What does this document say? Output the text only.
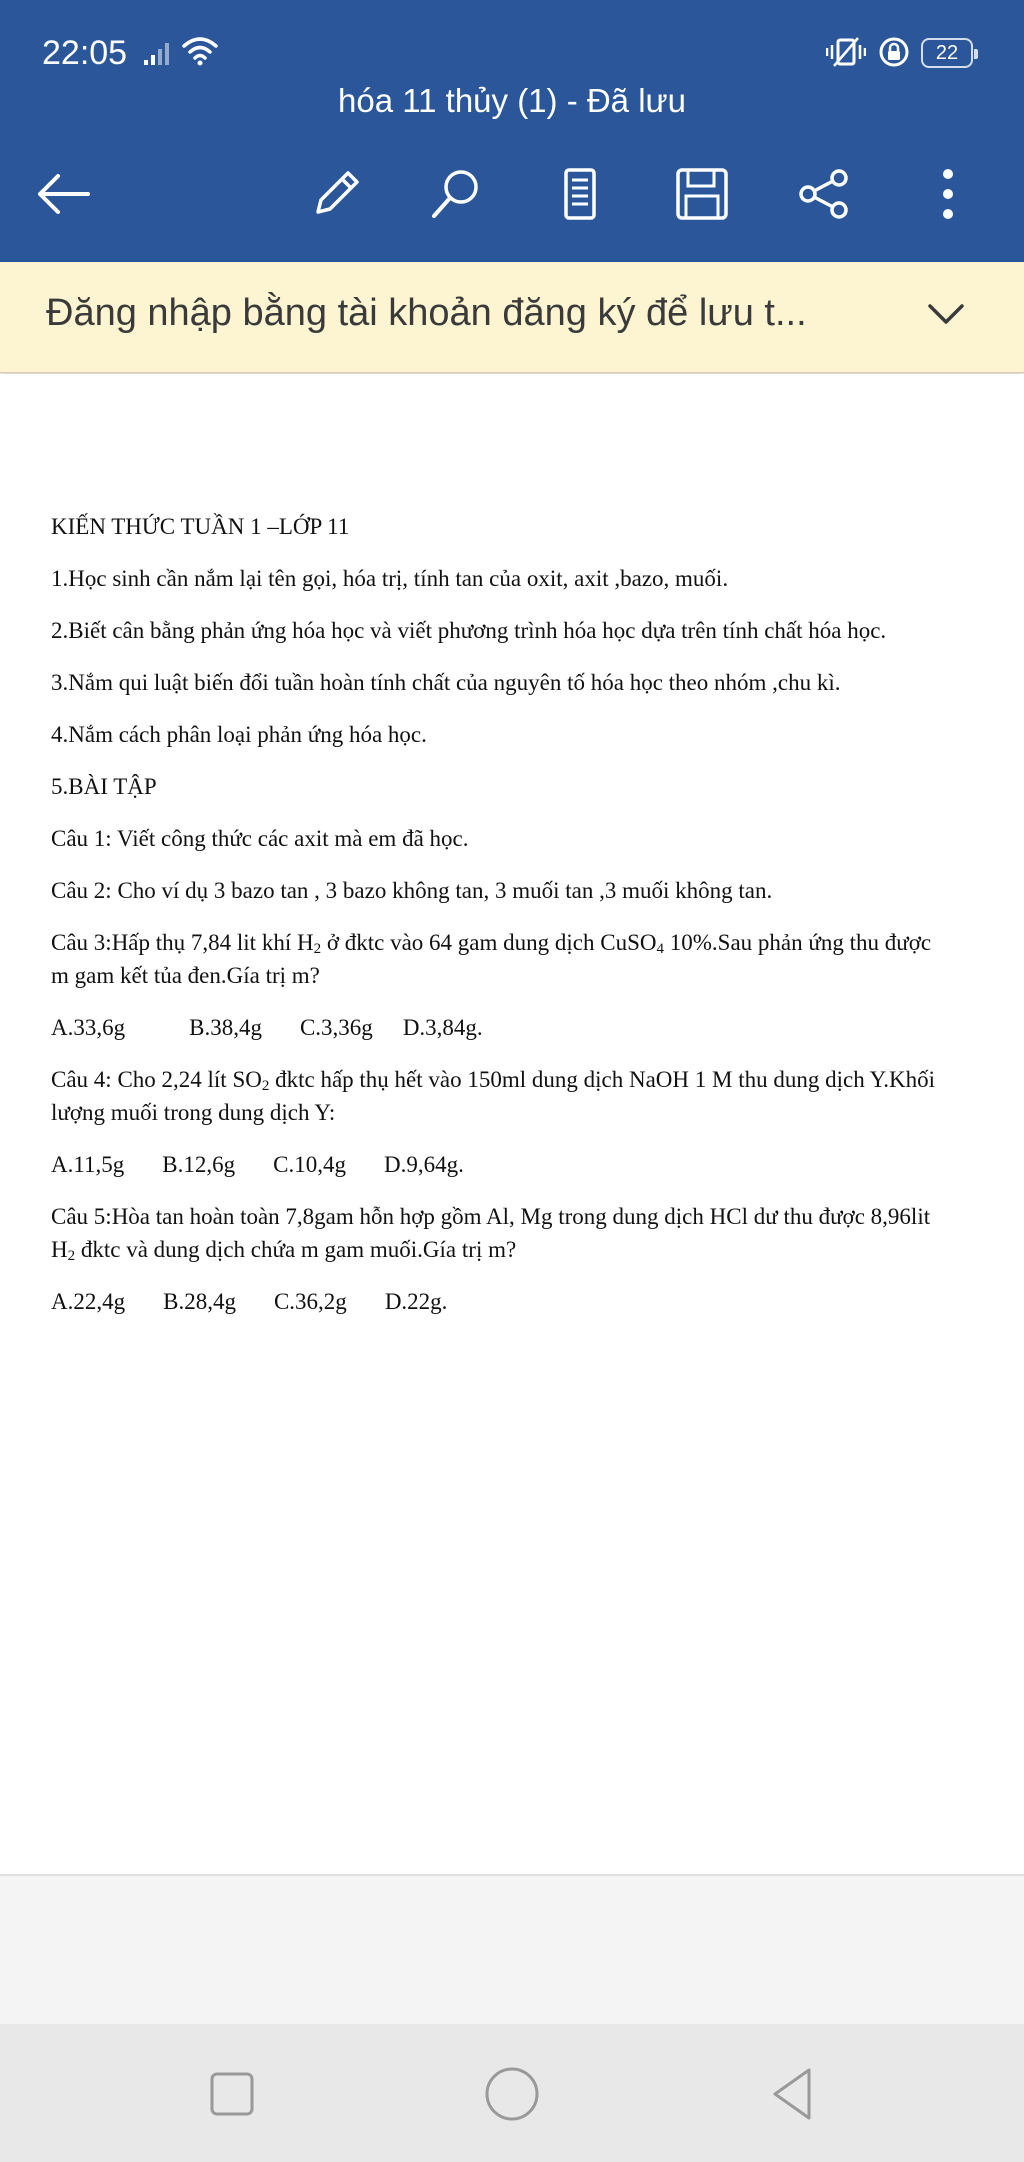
22:05	22
hóa 11 thủy (1) - Đã lưu
Đăng nhập bằng tài khoản đăng ký để lưu t...

KIẾN THỨC TUẦN 1 –LỚP 11

1.Học sinh cần nắm lại tên gọi, hóa trị, tính tan của oxit, axit ,bazo, muối.

2.Biết cân bằng phản ứng hóa học và viết phương trình hóa học dựa trên tính chất hóa học.

3.Nắm qui luật biến đổi tuần hoàn tính chất của nguyên tố hóa học theo nhóm ,chu kì.

4.Nắm cách phân loại phản ứng hóa học.

5.BÀI TẬP

Câu 1: Viết công thức các axit mà em đã học.

Câu 2: Cho ví dụ 3 bazo tan , 3 bazo không tan, 3 muối tan ,3 muối không tan.

Câu 3:Hấp thụ 7,84 lit khí $H_2$ ở đktc vào 64 gam dung dịch CuSO$_4$ 10%.Sau phản ứng thu được m gam kết tủa đen.Gía trị m?

A.33,6g	B.38,4g C.3,36g D.3,84g.

Câu 4: Cho 2,24 lít $SO_2$ đktc hấp thụ hết vào 150ml dung dịch NaOH 1 M thu dung dịch Y.Khối lượng muối trong dung dịch Y:

A.11,5g B.12,6g C.10,4g D.9,64g.

Câu 5:Hòa tan hoàn toàn 7,8gam hỗn hợp gồm Al, Mg trong dung dịch HCl dư thu được 8,96lit $H_2$ đktc và dung dịch chứa m gam muối.Gía trị m?

A.22,4g B.28,4g C.36,2g D.22g.
